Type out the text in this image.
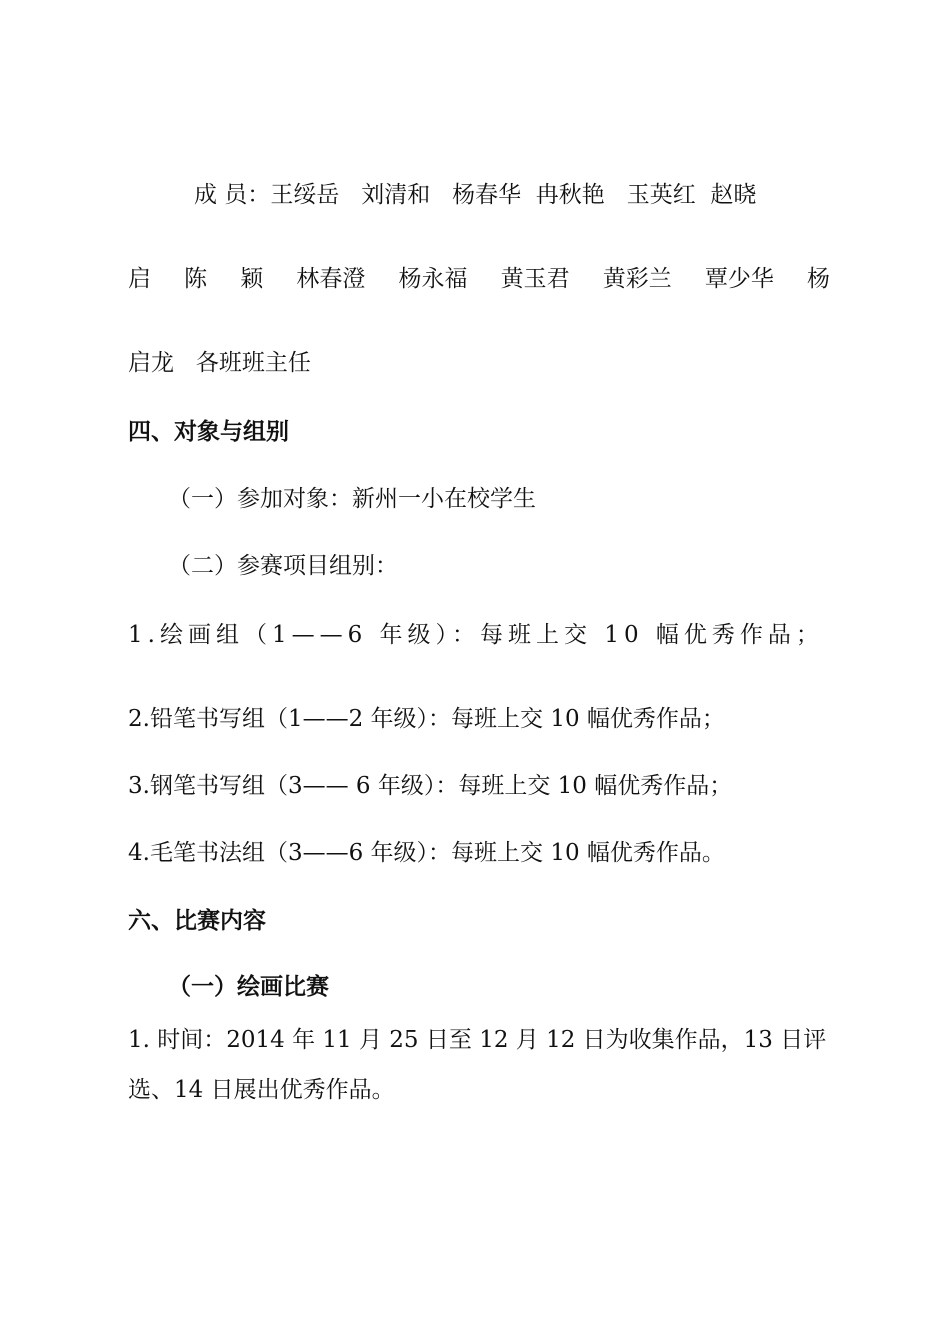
成 员：王绥岳   刘清和   杨春华  冉秋艳   玉英红  赵晓
启 陈 颖 林春澄 杨永福 黄玉君 黄彩兰 覃少华 杨
启龙   各班班主任
四、对象与组别
（一）参加对象：新州一小在校学生
（二）参赛项目组别：
1.绘画组（1——6 年级）：每班上交 10 幅优秀作品；
2.铅笔书写组（1——2 年级）：每班上交 10 幅优秀作品；
3.钢笔书写组（3—— 6 年级）：每班上交 10 幅优秀作品；
4.毛笔书法组（3——6 年级）：每班上交 10 幅优秀作品。
六、比赛内容
（一）绘画比赛
1. 时间：2014 年 11 月 25 日至 12 月 12 日为收集作品，13 日评
选、14 日展出优秀作品。
